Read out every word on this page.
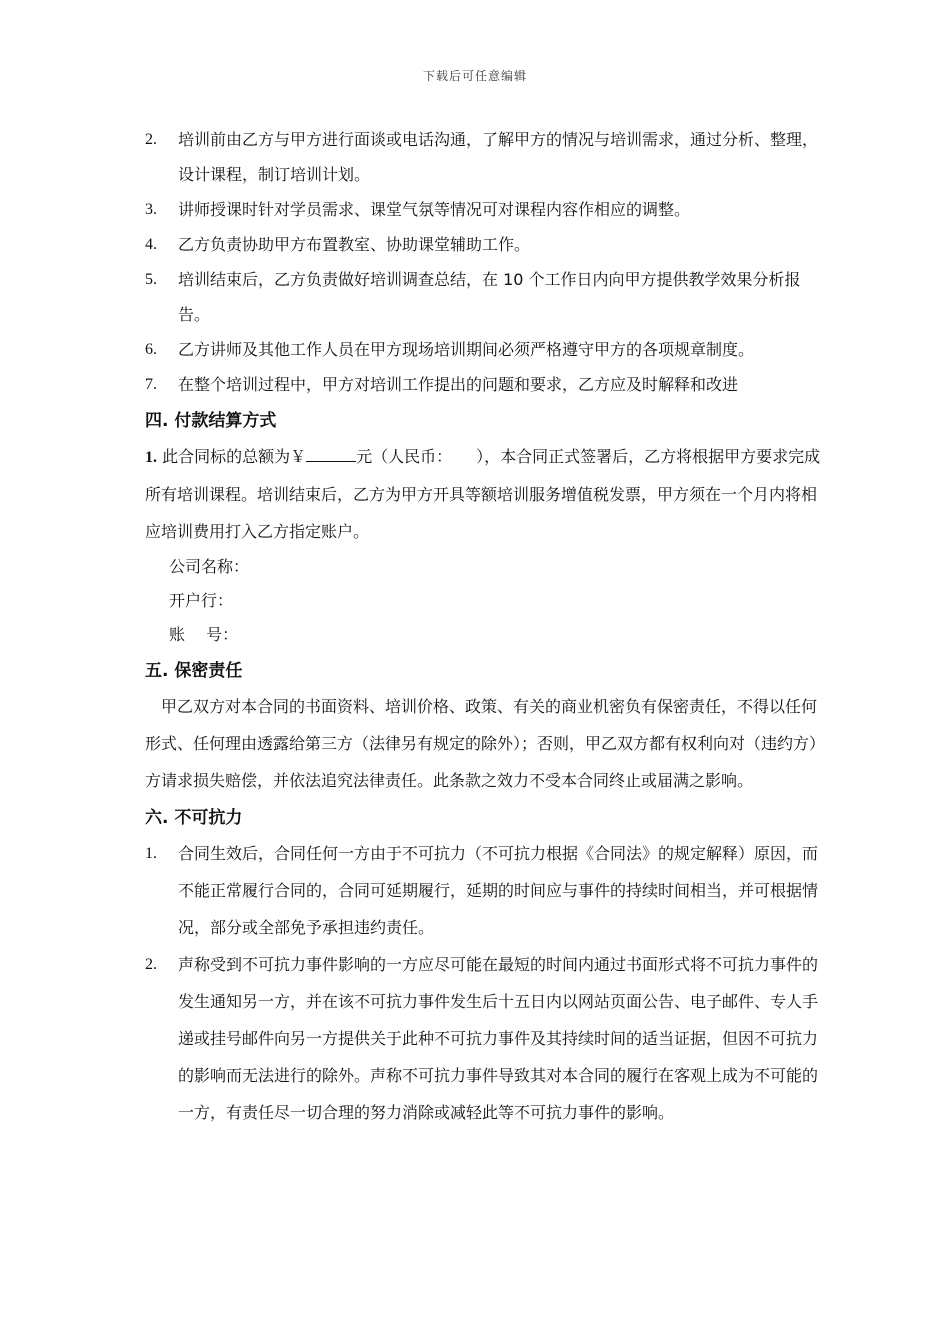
下载后可任意编辑
2.	培训前由乙方与甲方进行面谈或电话沟通，了解甲方的情况与培训需求，通过分析、整理，设计课程，制订培训计划。
3.	讲师授课时针对学员需求、课堂气氛等情况可对课程内容作相应的调整。
4.	乙方负责协助甲方布置教室、协助课堂辅助工作。
5.	培训结束后，乙方负责做好培训调查总结，在 10 个工作日内向甲方提供教学效果分析报告。
6.	乙方讲师及其他工作人员在甲方现场培训期间必须严格遵守甲方的各项规章制度。
7.	在整个培训过程中，甲方对培训工作提出的问题和要求，乙方应及时解释和改进
四. 付款结算方式
1. 此合同标的总额为￥	元（人民币：　　），本合同正式签署后，乙方将根据甲方要求完成所有培训课程。培训结束后，乙方为甲方开具等额培训服务增值税发票，甲方须在一个月内将相应培训费用打入乙方指定账户。
公司名称：
开户行：
账　 号：
五. 保密责任
甲乙双方对本合同的书面资料、培训价格、政策、有关的商业机密负有保密责任，不得以任何形式、任何理由透露给第三方（法律另有规定的除外）；否则，甲乙双方都有权利向对（违约方）方请求损失赔偿，并依法追究法律责任。此条款之效力不受本合同终止或届满之影响。
六. 不可抗力
1.	合同生效后，合同任何一方由于不可抗力（不可抗力根据《合同法》的规定解释）原因，而不能正常履行合同的，合同可延期履行，延期的时间应与事件的持续时间相当，并可根据情况，部分或全部免予承担违约责任。
2.	声称受到不可抗力事件影响的一方应尽可能在最短的时间内通过书面形式将不可抗力事件的发生通知另一方，并在该不可抗力事件发生后十五日内以网站页面公告、电子邮件、专人手递或挂号邮件向另一方提供关于此种不可抗力事件及其持续时间的适当证据，但因不可抗力的影响而无法进行的除外。声称不可抗力事件导致其对本合同的履行在客观上成为不可能的一方，有责任尽一切合理的努力消除或减轻此等不可抗力事件的影响。
